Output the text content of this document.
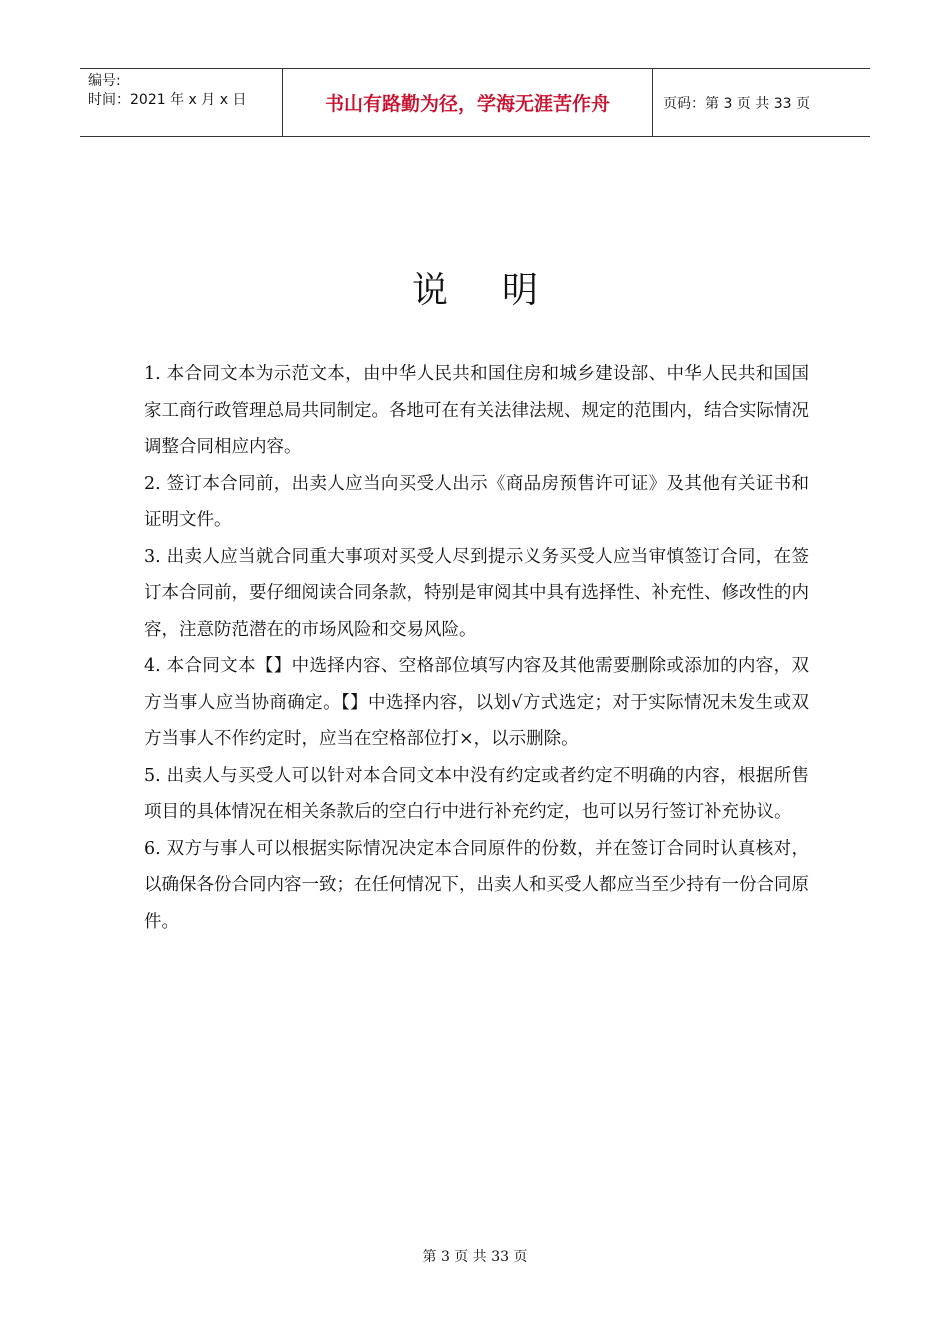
编号:
时间：2021 年 x 月 x 日	书山有路勤为径，学海无涯苦作舟	页码：第 3 页 共 33 页
说明

1. 本合同文本为示范文本，由中华人民共和国住房和城乡建设部、中华人民共和国国家工商行政管理总局共同制定。各地可在有关法律法规、规定的范围内，结合实际情况调整合同相应内容。

2. 签订本合同前，出卖人应当向买受人出示《商品房预售许可证》及其他有关证书和证明文件。

3. 出卖人应当就合同重大事项对买受人尽到提示义务买受人应当审慎签订合同，在签订本合同前，要仔细阅读合同条款，特别是审阅其中具有选择性、补充性、修改性的内容，注意防范潜在的市场风险和交易风险。

4. 本合同文本【】中选择内容、空格部位填写内容及其他需要删除或添加的内容，双方当事人应当协商确定。【】中选择内容，以划√方式选定；对于实际情况未发生或双方当事人不作约定时，应当在空格部位打×，以示删除。

5. 出卖人与买受人可以针对本合同文本中没有约定或者约定不明确的内容，根据所售项目的具体情况在相关条款后的空白行中进行补充约定，也可以另行签订补充协议。

6. 双方与事人可以根据实际情况决定本合同原件的份数，并在签订合同时认真核对，以确保各份合同内容一致；在任何情况下，出卖人和买受人都应当至少持有一份合同原件。

第 3 页 共 33 页
